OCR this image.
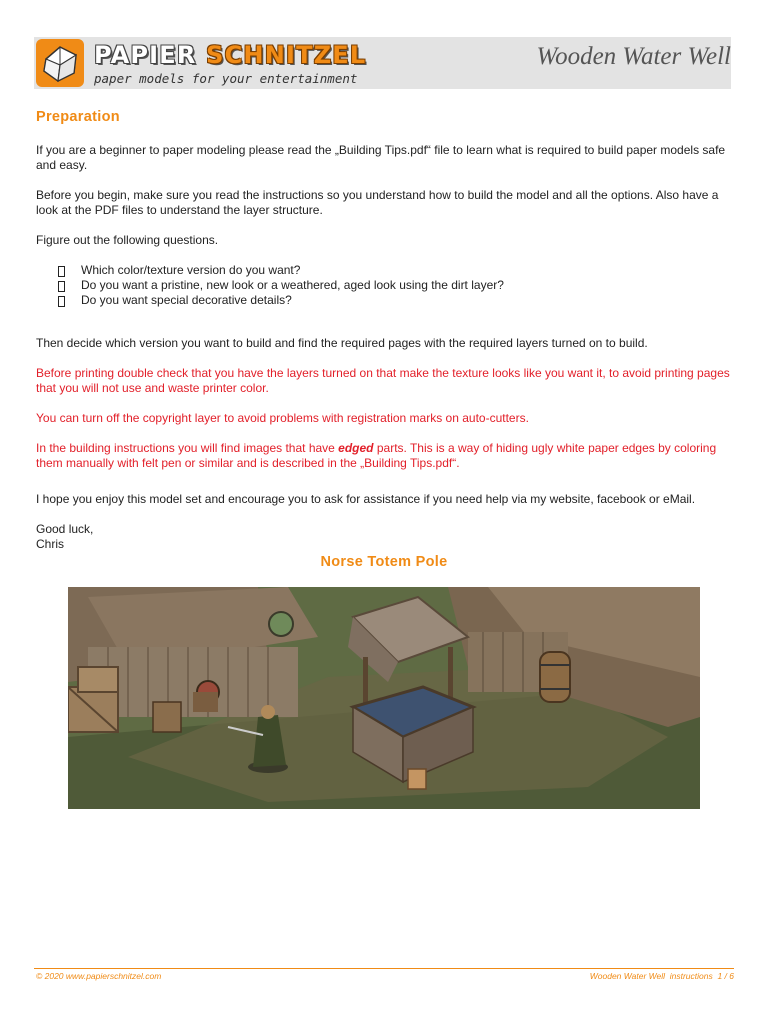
PAPIER SCHNITZEL
paper models for your entertainment
Wooden Water Well
Preparation

If you are a beginner to paper modeling please read the „Building Tips.pdf“ file to learn what is required to build paper models safe and easy.

Before you begin, make sure you read the instructions so you understand how to build the model and all the options. Also have a look at the PDF files to understand the layer structure.

Figure out the following questions.

Which color/texture version do you want?
Do you want a pristine, new look or a weathered, aged look using the dirt layer?
Do you want special decorative details?

Then decide which version you want to build and find the required pages with the required layers turned on to build.

Before printing double check that you have the layers turned on that make the texture looks like you want it, to avoid printing pages that you will not use and waste printer color.

You can turn off the copyright layer to avoid problems with registration marks on auto-cutters.

In the building instructions you will find images that have edged parts. This is a way of hiding ugly white paper edges by coloring them manually with felt pen or similar and is described in the „Building Tips.pdf“.

I hope you enjoy this model set and encourage you to ask for assistance if you need help via my website, facebook or eMail.

Good luck,

Chris

Norse Totem Pole
© 2020 www.papierschnitzel.com	Wooden Water Well  instructions  1 / 6
